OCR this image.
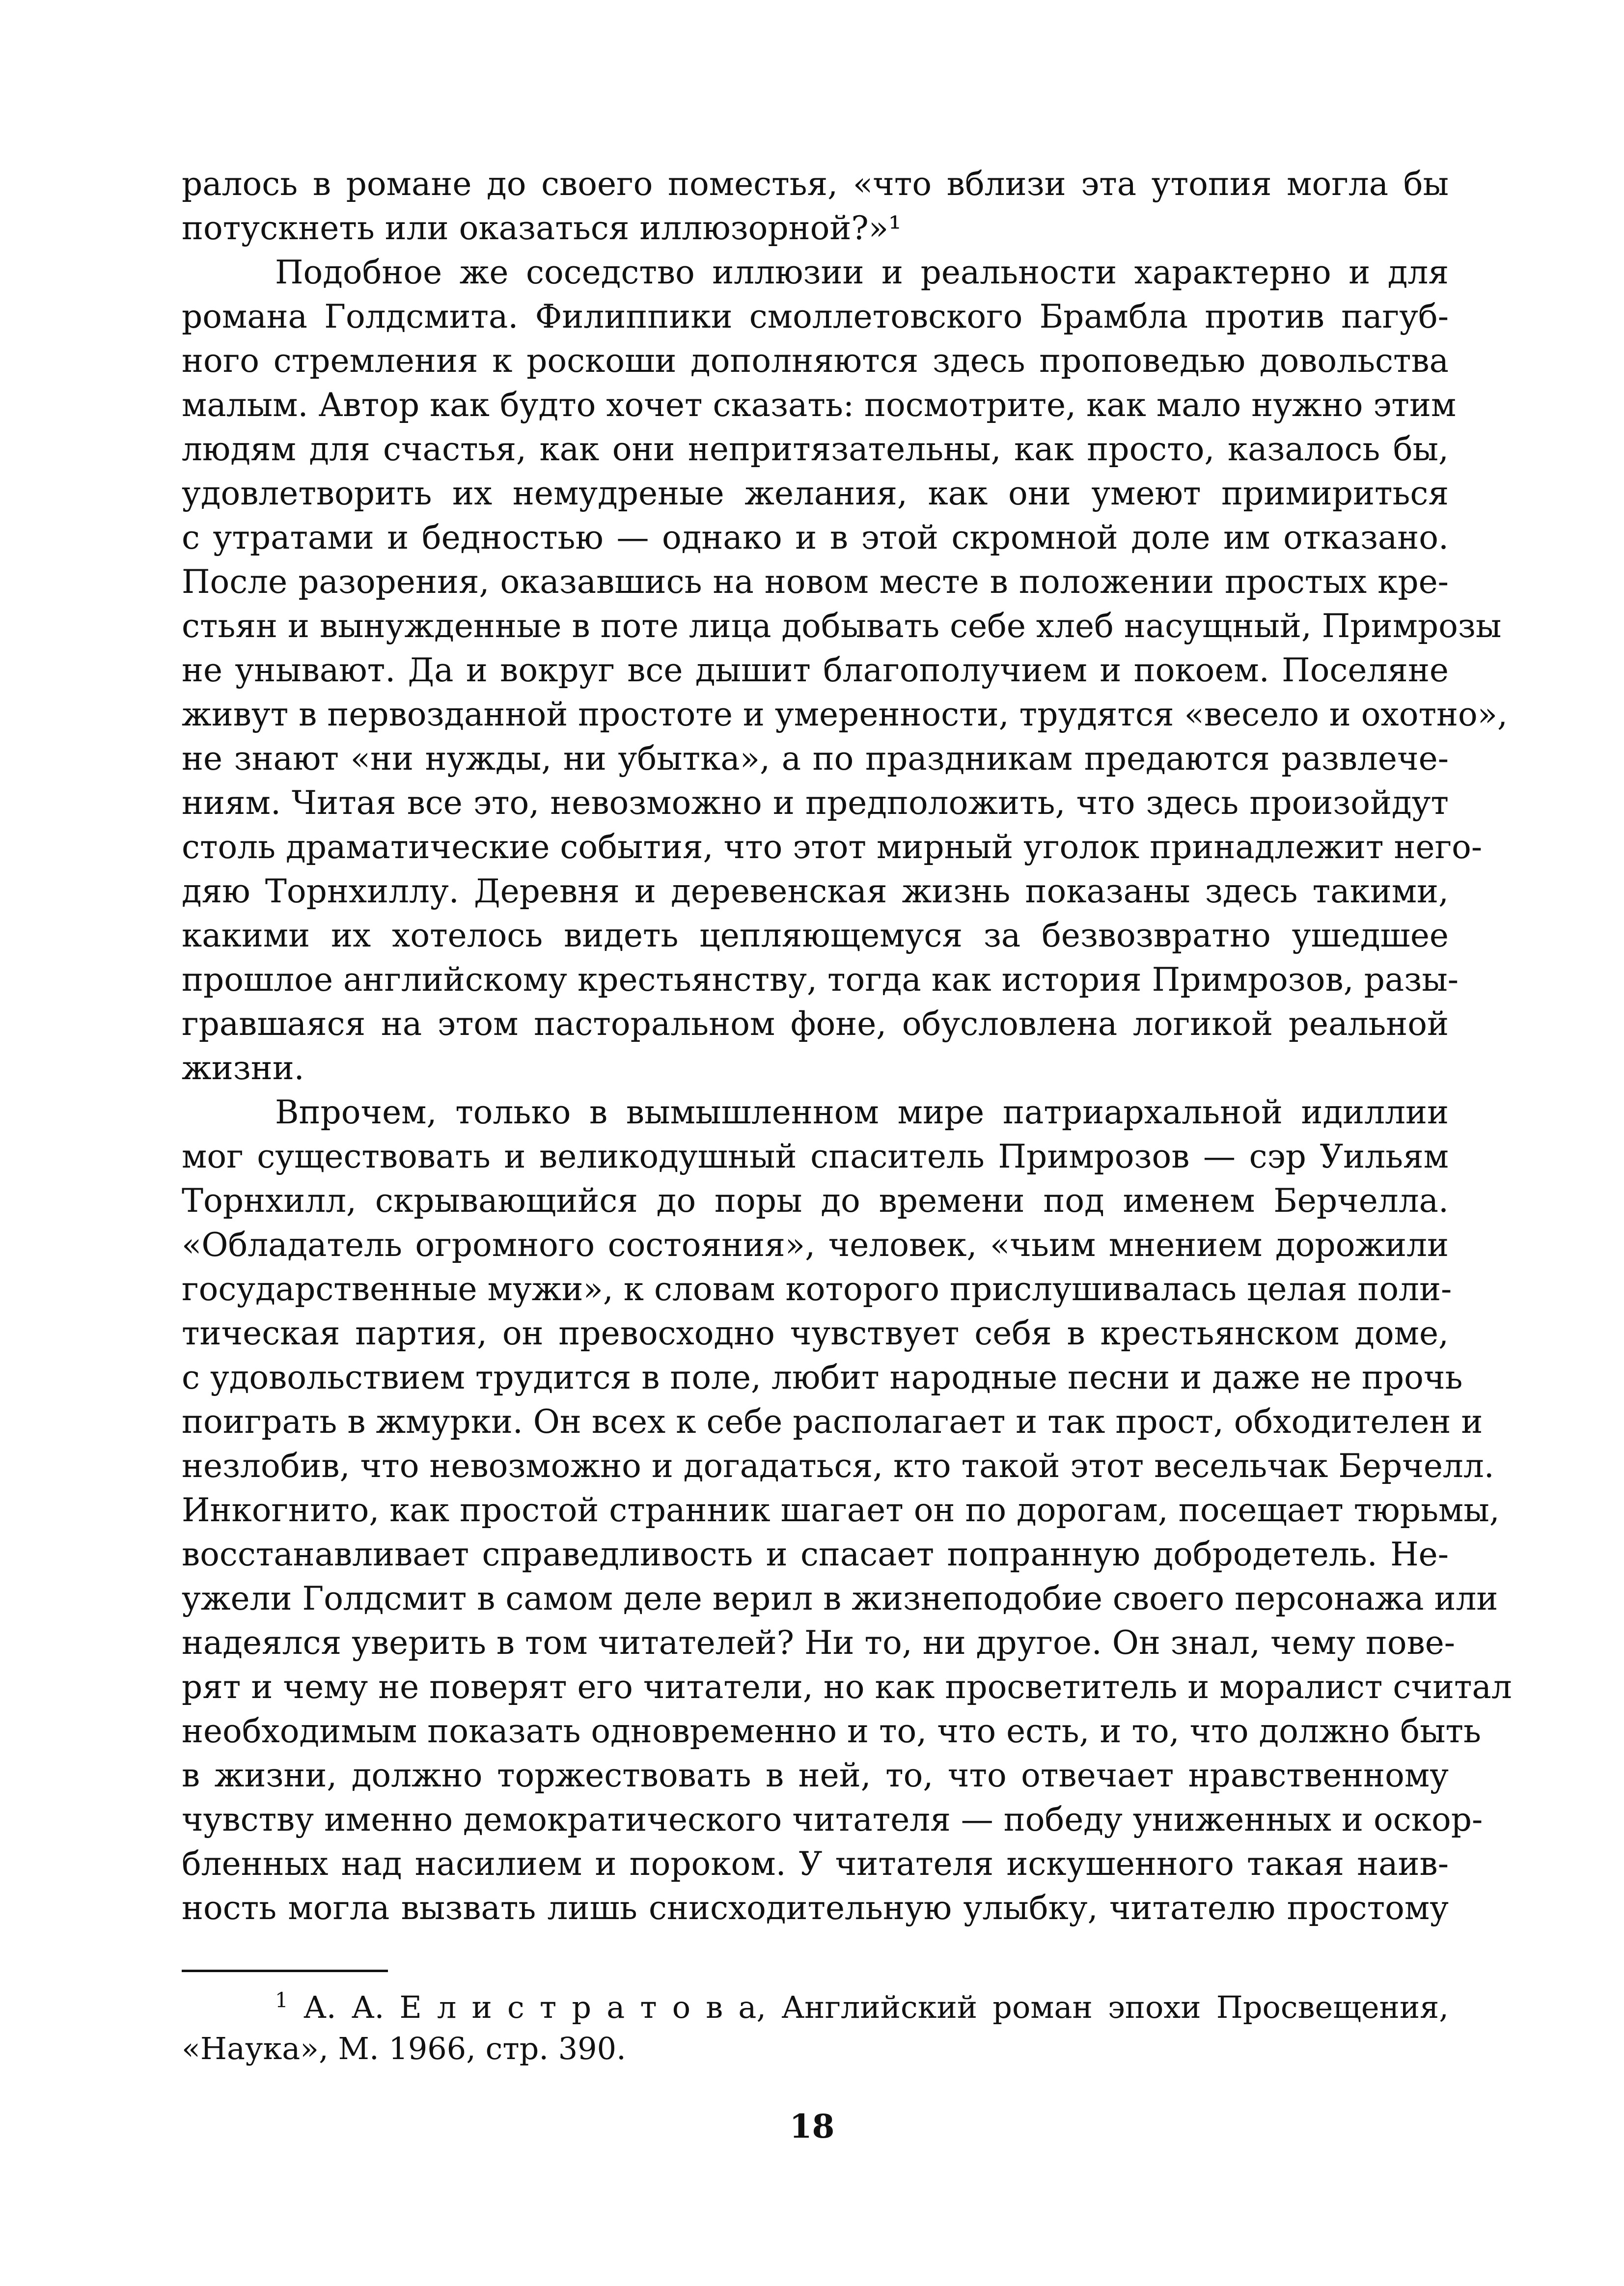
ралось в романе до своего поместья, «что вблизи эта утопия могла бы
потускнеть или оказаться иллюзорной?»¹
Подобное же соседство иллюзии и реальности характерно и для
романа Голдсмита. Филиппики смоллетовского Брамбла против пагуб-
ного стремления к роскоши дополняются здесь проповедью довольства
малым. Автор как будто хочет сказать: посмотрите, как мало нужно этим
людям для счастья, как они непритязательны, как просто, казалось бы,
удовлетворить их немудреные желания, как они умеют примириться
с утратами и бедностью — однако и в этой скромной доле им отказано.
После разорения, оказавшись на новом месте в положении простых кре-
стьян и вынужденные в поте лица добывать себе хлеб насущный, Примрозы
не унывают. Да и вокруг все дышит благополучием и покоем. Поселяне
живут в первозданной простоте и умеренности, трудятся «весело и охотно»,
не знают «ни нужды, ни убытка», а по праздникам предаются развлече-
ниям. Читая все это, невозможно и предположить, что здесь произойдут
столь драматические события, что этот мирный уголок принадлежит него-
дяю Торнхиллу. Деревня и деревенская жизнь показаны здесь такими,
какими их хотелось видеть цепляющемуся за безвозвратно ушедшее
прошлое английскому крестьянству, тогда как история Примрозов, разы-
гравшаяся на этом пасторальном фоне, обусловлена логикой реальной
жизни.
Впрочем, только в вымышленном мире патриархальной идиллии
мог существовать и великодушный спаситель Примрозов — сэр Уильям
Торнхилл, скрывающийся до поры до времени под именем Берчелла.
«Обладатель огромного состояния», человек, «чьим мнением дорожили
государственные мужи», к словам которого прислушивалась целая поли-
тическая партия, он превосходно чувствует себя в крестьянском доме,
с удовольствием трудится в поле, любит народные песни и даже не прочь
поиграть в жмурки. Он всех к себе располагает и так прост, обходителен и
незлобив, что невозможно и догадаться, кто такой этот весельчак Берчелл.
Инкогнито, как простой странник шагает он по дорогам, посещает тюрьмы,
восстанавливает справедливость и спасает попранную добродетель. Не-
ужели Голдсмит в самом деле верил в жизнеподобие своего персонажа или
надеялся уверить в том читателей? Ни то, ни другое. Он знал, чему пове-
рят и чему не поверят его читатели, но как просветитель и моралист считал
необходимым показать одновременно и то, что есть, и то, что должно быть
в жизни, должно торжествовать в ней, то, что отвечает нравственному
чувству именно демократического читателя — победу униженных и оскор-
бленных над насилием и пороком. У читателя искушенного такая наив-
ность могла вызвать лишь снисходительную улыбку, читателю простому
$^1$ А. А. Е л и с т р а т о в а, Английский роман эпохи Просвещения,
«Наука», М. 1966, стр. 390.
18
